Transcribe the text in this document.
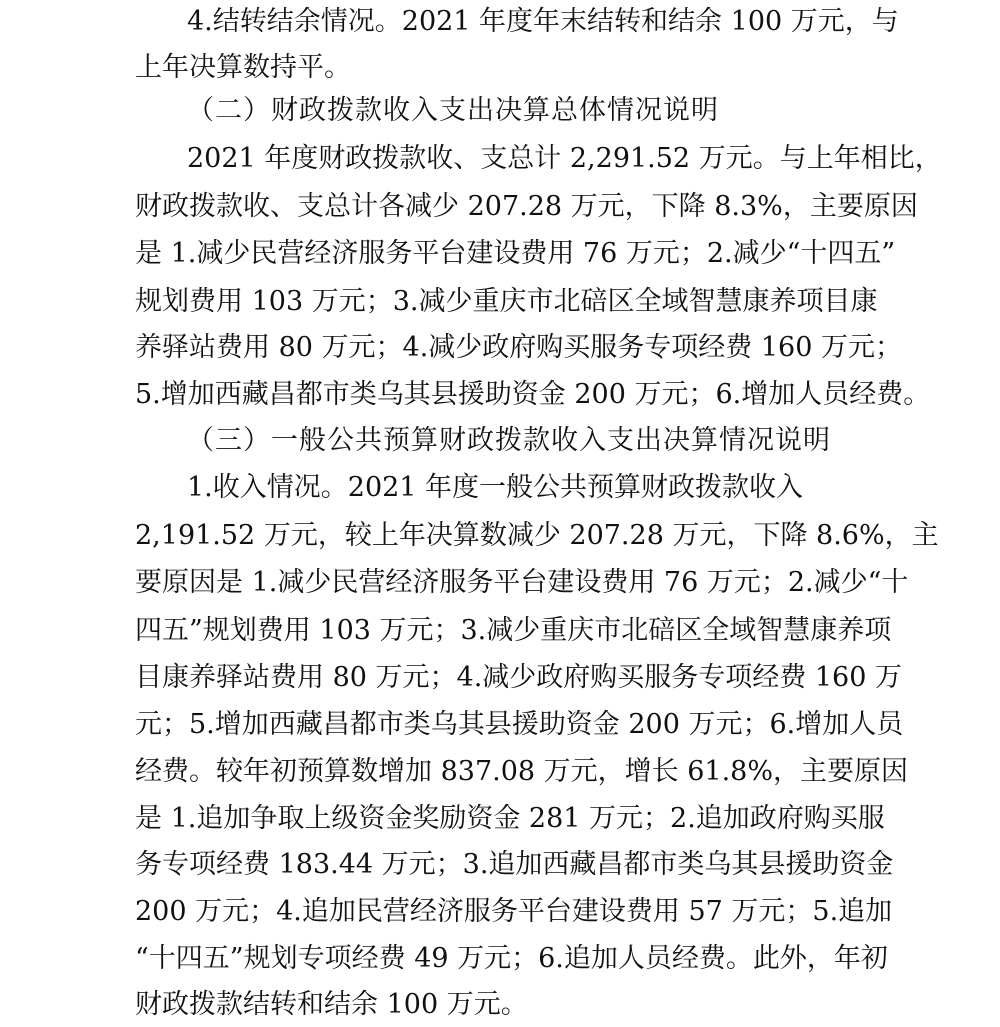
4.结转结余情况。2021 年度年末结转和结余 100 万元，与
上年决算数持平。
（二）财政拨款收入支出决算总体情况说明
2021 年度财政拨款收、支总计 2,291.52 万元。与上年相比，
财政拨款收、支总计各减少 207.28 万元，下降 8.3%，主要原因
是 1.减少民营经济服务平台建设费用 76 万元；2.减少“十四五”
规划费用 103 万元；3.减少重庆市北碚区全域智慧康养项目康
养驿站费用 80 万元；4.减少政府购买服务专项经费 160 万元；
5.增加西藏昌都市类乌其县援助资金 200 万元；6.增加人员经费。
（三）一般公共预算财政拨款收入支出决算情况说明
1.收入情况。2021 年度一般公共预算财政拨款收入
2,191.52 万元，较上年决算数减少 207.28 万元，下降 8.6%，主
要原因是 1.减少民营经济服务平台建设费用 76 万元；2.减少“十
四五”规划费用 103 万元；3.减少重庆市北碚区全域智慧康养项
目康养驿站费用 80 万元；4.减少政府购买服务专项经费 160 万
元；5.增加西藏昌都市类乌其县援助资金 200 万元；6.增加人员
经费。较年初预算数增加 837.08 万元，增长 61.8%，主要原因
是 1.追加争取上级资金奖励资金 281 万元；2.追加政府购买服
务专项经费 183.44 万元；3.追加西藏昌都市类乌其县援助资金
200 万元；4.追加民营经济服务平台建设费用 57 万元；5.追加
“十四五”规划专项经费 49 万元；6.追加人员经费。此外，年初
财政拨款结转和结余 100 万元。
